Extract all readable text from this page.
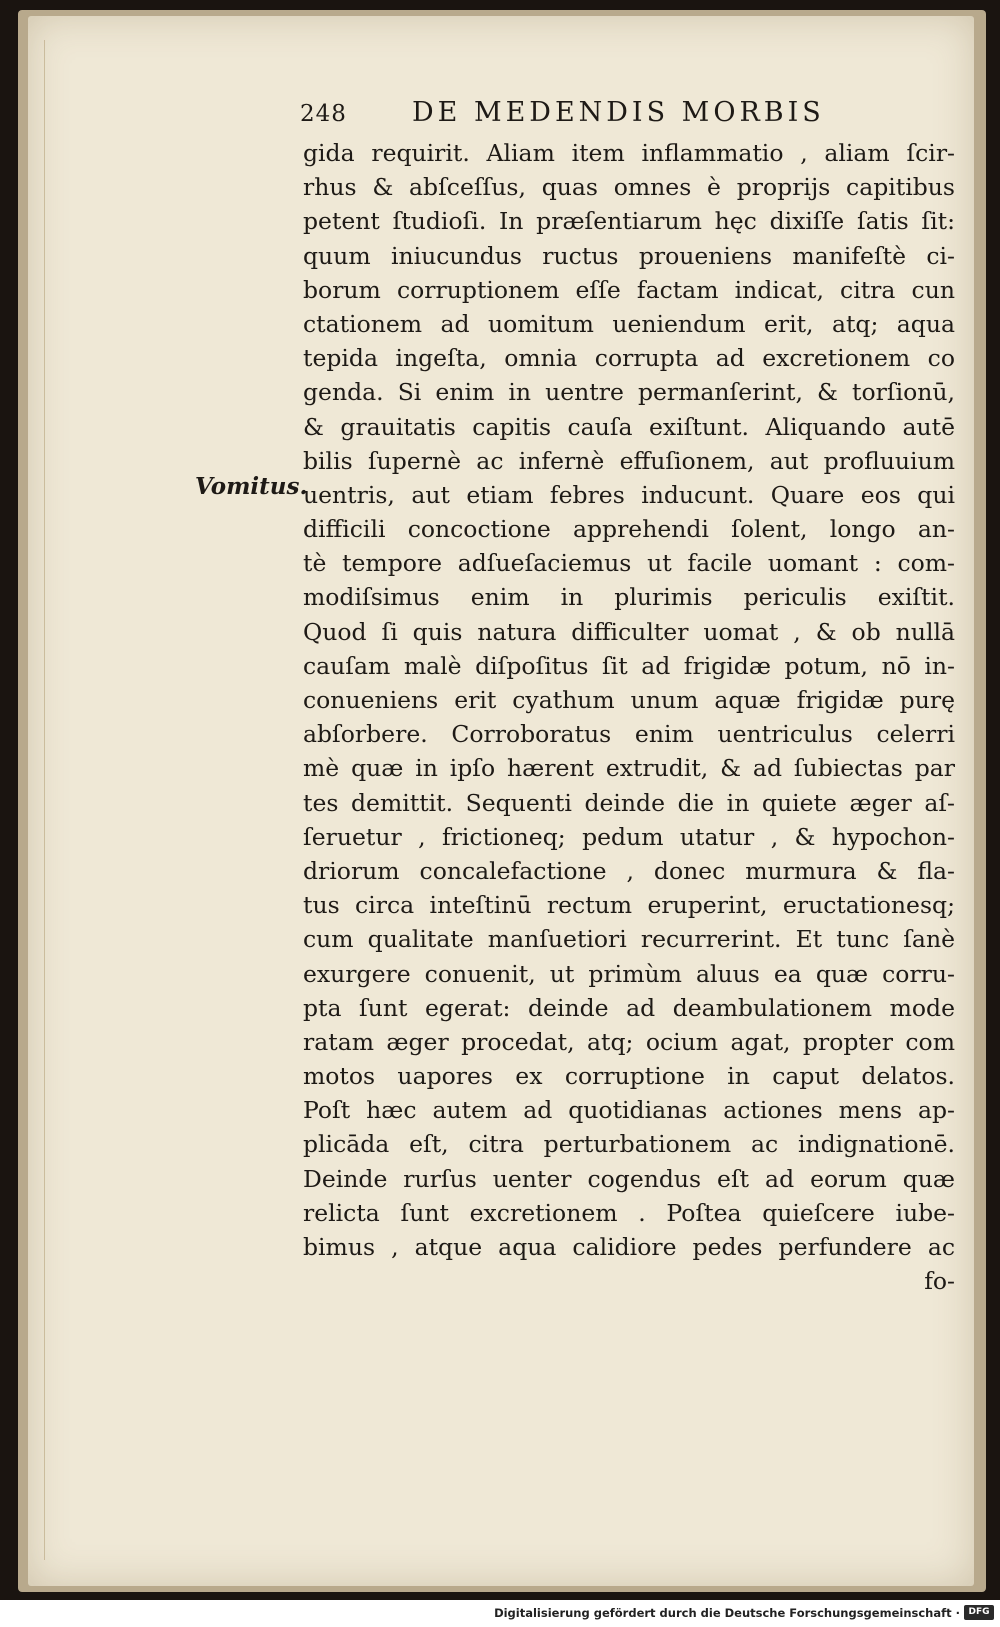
248 DE MEDENDIS MORBIS
Vomitus.
gida requirit. Aliam item inflammatio , aliam ſcir-
rhus & abſceſſus, quas omnes è proprijs capitibus
petent ſtudioſi. In præſentiarum hęc dixiſſe ſatis ſit:
quum iniucundus ructus proueniens manifeſtè ci-
borum corruptionem eſſe factam indicat, citra cun
ctationem ad uomitum ueniendum erit, atq; aqua
tepida ingeſta, omnia corrupta ad excretionem co
genda. Si enim in uentre permanſerint, & torſionū,
& grauitatis capitis cauſa exiſtunt. Aliquando autē
bilis ſupernè ac infernè effuſionem, aut profluuium
uentris, aut etiam febres inducunt. Quare eos qui
difficili concoctione apprehendi ſolent, longo an-
tè tempore adſueſaciemus ut facile uomant : com-
modiſsimus enim in plurimis periculis exiſtit.
Quod ſi quis natura difficulter uomat , & ob nullā
cauſam malè diſpoſitus ſit ad frigidæ potum, nō in-
conueniens erit cyathum unum aquæ frigidæ purę
abſorbere. Corroboratus enim uentriculus celerri
mè quæ in ipſo hærent extrudit, & ad ſubiectas par
tes demittit. Sequenti deinde die in quiete æger aſ-
ſeruetur , frictioneq; pedum utatur , & hypochon-
driorum concalefactione , donec murmura & fla-
tus circa inteſtinū rectum eruperint, eructationesq;
cum qualitate manſuetiori recurrerint. Et tunc ſanè
exurgere conuenit, ut primùm aluus ea quæ corru-
pta ſunt egerat: deinde ad deambulationem mode
ratam æger procedat, atq; ocium agat, propter com
motos uapores ex corruptione in caput delatos.
Poſt hæc autem ad quotidianas actiones mens ap-
plicāda eſt, citra perturbationem ac indignationē.
Deinde rurſus uenter cogendus eſt ad eorum quæ
relicta ſunt excretionem . Poſtea quieſcere iube-
bimus , atque aqua calidiore pedes perfundere ac
fo-
Digitalisierung gefördert durch die Deutsche Forschungsgemeinschaft · DFG
